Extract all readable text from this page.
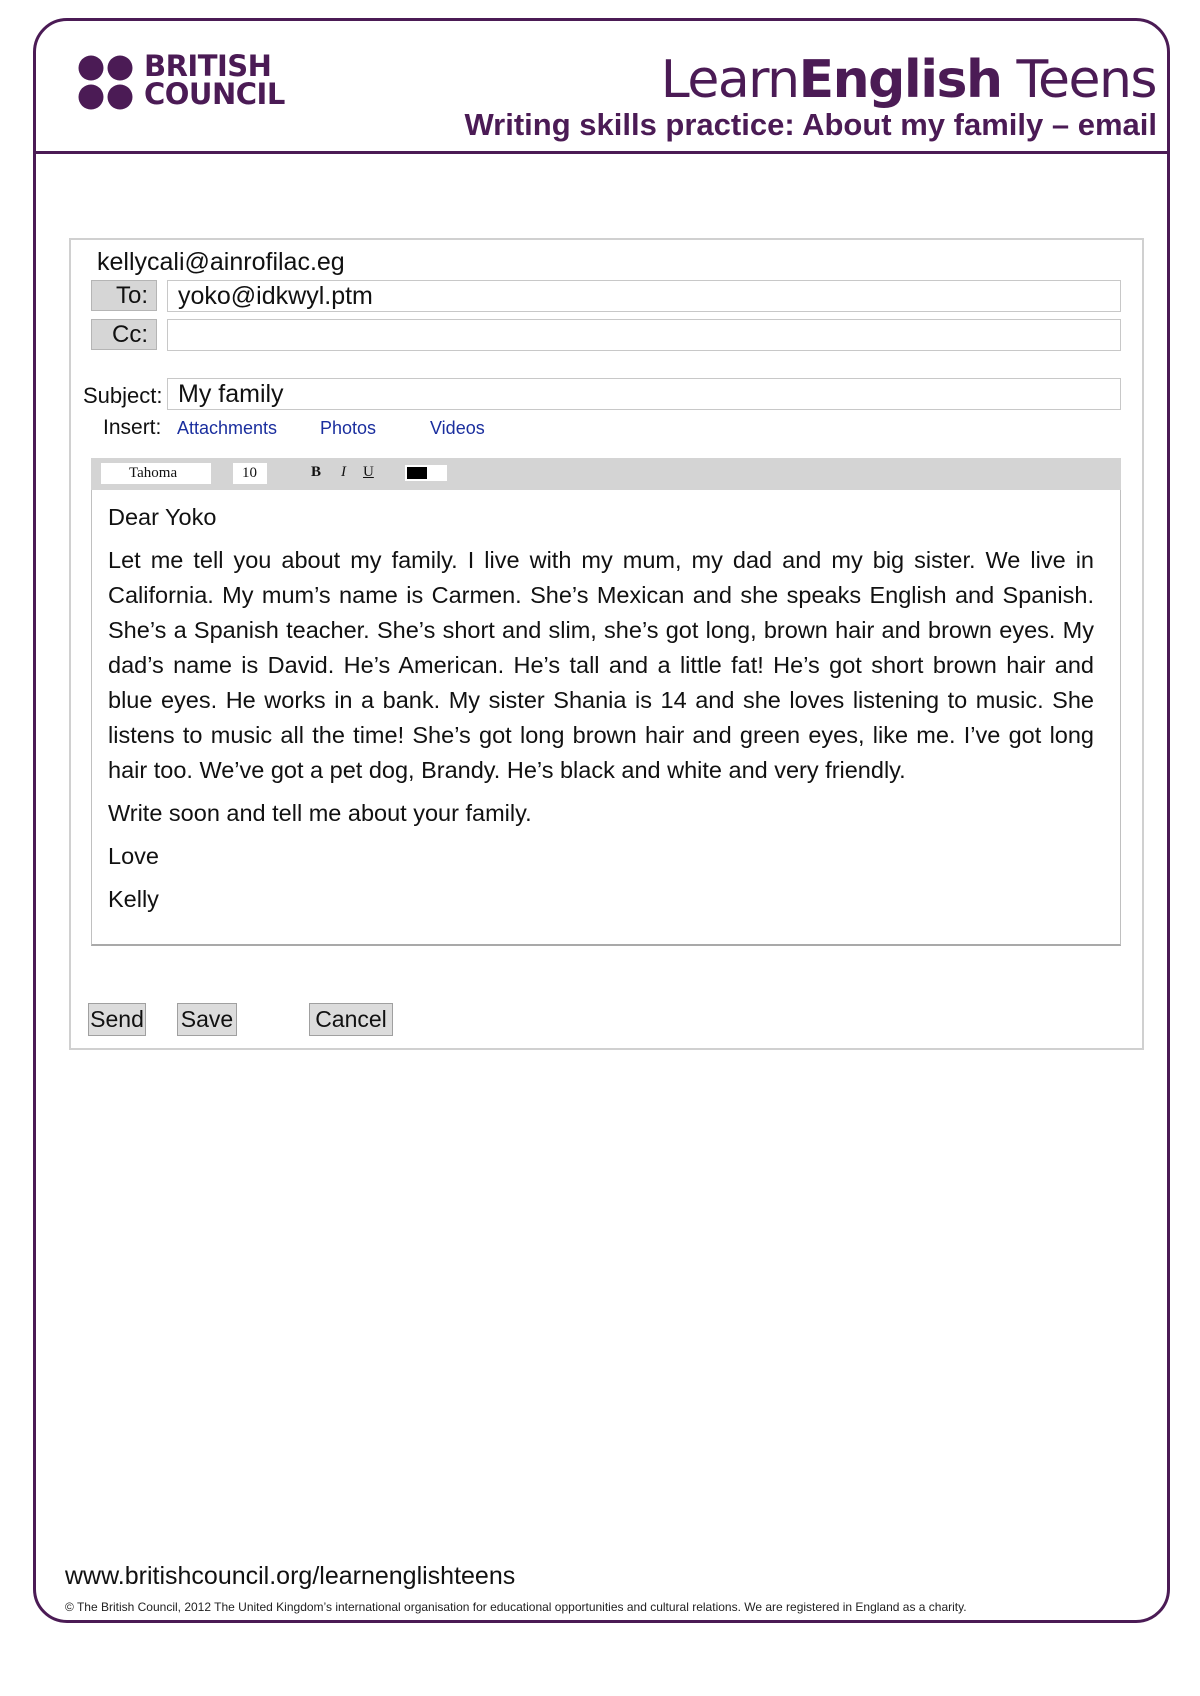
BRITISH
COUNCIL	LearnEnglish Teens
Writing skills practice: About my family – email
kellycali@ainrofilac.eg
To:	yoko@idkwyl.ptm
Cc:
Subject: My family
Insert: Attachments Photos	Videos
Tahoma	10	B I U

Dear Yoko

Let me tell you about my family. I live with my mum, my dad and my big sister. We live in California. My mum’s name is Carmen. She’s Mexican and she speaks English and Spanish. She’s a Spanish teacher. She’s short and slim, she’s got long, brown hair and brown eyes. My dad’s name is David. He’s American. He’s tall and a little fat! He’s got short brown hair and blue eyes. He works in a bank. My sister Shania is 14 and she loves listening to music. She listens to music all the time! She’s got long brown hair and green eyes, like me. I’ve got long hair too. We’ve got a pet dog, Brandy. He’s black and white and very friendly.

Write soon and tell me about your family.

Love

Kelly

Send Save	Cancel
www.britishcouncil.org/learnenglishteens
© The British Council, 2012 The United Kingdom’s international organisation for educational opportunities and cultural relations. We are registered in England as a charity.
